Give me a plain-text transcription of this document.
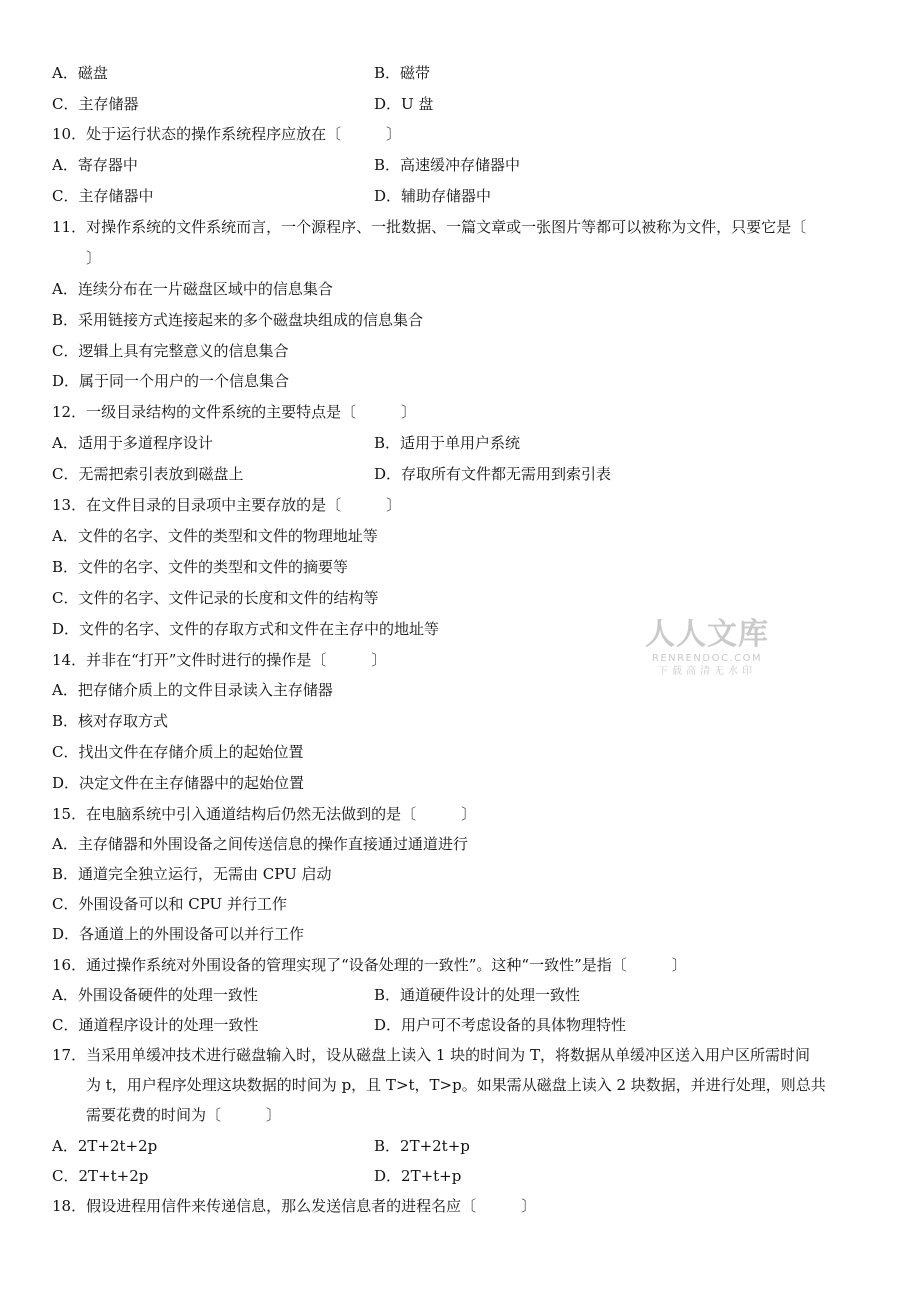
A．磁盘	B．磁带
C．主存储器	D．U 盘
10．处于运行状态的操作系统程序应放在〔　　　〕
A．寄存器中	B．高速缓冲存储器中
C．主存储器中	D．辅助存储器中
11．对操作系统的文件系统而言，一个源程序、一批数据、一篇文章或一张图片等都可以被称为文件，只要它是〔
〕
A．连续分布在一片磁盘区域中的信息集合
B．采用链接方式连接起来的多个磁盘块组成的信息集合
C．逻辑上具有完整意义的信息集合
D．属于同一个用户的一个信息集合
12．一级目录结构的文件系统的主要特点是〔　　　〕
A．适用于多道程序设计	B．适用于单用户系统
C．无需把索引表放到磁盘上	D．存取所有文件都无需用到索引表
13．在文件目录的目录项中主要存放的是〔　　　〕
A．文件的名字、文件的类型和文件的物理地址等
B．文件的名字、文件的类型和文件的摘要等
C．文件的名字、文件记录的长度和文件的结构等
D．文件的名字、文件的存取方式和文件在主存中的地址等
14．并非在“打开”文件时进行的操作是〔　　　〕
A．把存储介质上的文件目录读入主存储器
B．核对存取方式
C．找出文件在存储介质上的起始位置
D．决定文件在主存储器中的起始位置
15．在电脑系统中引入通道结构后仍然无法做到的是〔　　　〕
A．主存储器和外围设备之间传送信息的操作直接通过通道进行
B．通道完全独立运行，无需由 CPU 启动
C．外围设备可以和 CPU 并行工作
D．各通道上的外围设备可以并行工作
16．通过操作系统对外围设备的管理实现了“设备处理的一致性”。这种“一致性”是指〔　　　〕
A．外围设备硬件的处理一致性	B．通道硬件设计的处理一致性
C．通道程序设计的处理一致性	D．用户可不考虑设备的具体物理特性
17．当采用单缓冲技术进行磁盘输入时，设从磁盘上读入 1 块的时间为 T，将数据从单缓冲区送入用户区所需时间
为 t，用户程序处理这块数据的时间为 p，且 T>t，T>p。如果需从磁盘上读入 2 块数据，并进行处理，则总共
需要花费的时间为〔　　　〕
A．2T+2t+2p	B．2T+2t+p
C．2T+t+2p	D．2T+t+p
18．假设进程用信件来传递信息，那么发送信息者的进程名应〔　　　〕
人人文库
RENRENDOC.COM
下载高清无水印
